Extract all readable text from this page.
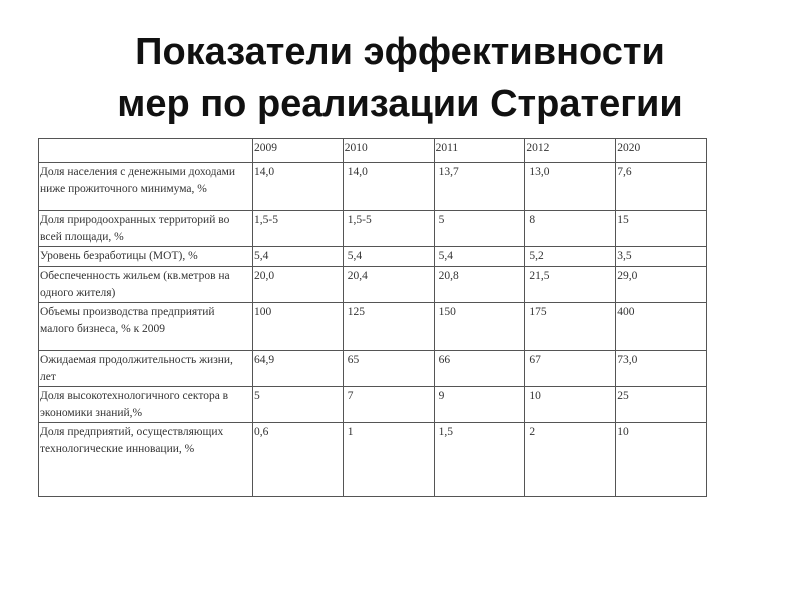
Показатели эффективности
мер по реализации Стратегии
	2009	2010	2011	2012	2020
Доля населения с денежными доходами ниже прожиточного минимума, %	14,0	14,0	13,7	13,0	7,6
Доля природоохранных территорий во всей площади, %	1,5-5	1,5-5	5	8	15
Уровень безработицы (МОТ), %	5,4	5,4	5,4	5,2	3,5
Обеспеченность жильем (кв.метров на одного жителя)	20,0	20,4	20,8	21,5	29,0
Объемы производства предприятий малого бизнеса, % к 2009	100	125	150	175	400
Ожидаемая продолжительность жизни, лет	64,9	65	66	67	73,0
Доля высокотехнологичного сектора в экономики знаний,%	5	7	9	10	25
Доля предприятий, осуществляющих технологические инновации, %	0,6	1	1,5	2	10
